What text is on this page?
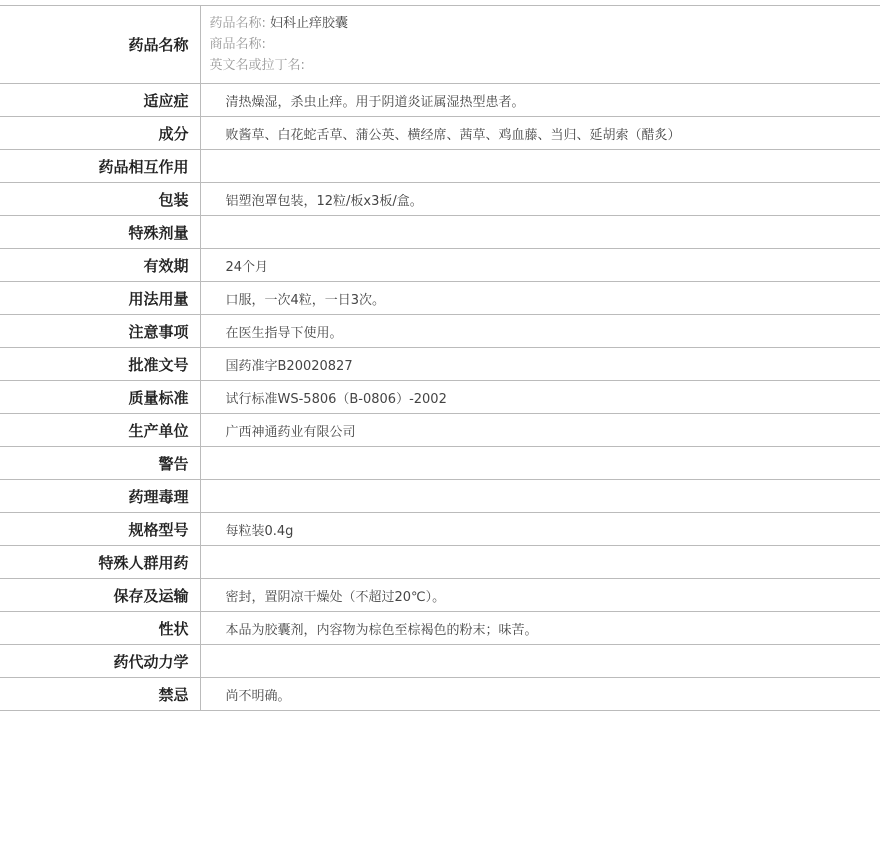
药品名称	药品名称: 妇科止痒胶囊
商品名称:
英文名或拉丁名:

适应症	清热燥湿，杀虫止痒。用于阴道炎证属湿热型患者。
成分	败酱草、白花蛇舌草、蒲公英、横经席、茜草、鸡血藤、当归、延胡索（醋炙）
药品相互作用	
包装	铝塑泡罩包装，12粒/板x3板/盒。
特殊剂量	
有效期	24个月
用法用量	口服，一次4粒，一日3次。
注意事项	在医生指导下使用。
批准文号	国药准字B20020827
质量标准	试行标准WS-5806（B-0806）-2002
生产单位	广西神通药业有限公司
警告	
药理毒理	
规格型号	每粒装0.4g
特殊人群用药	
保存及运输	密封，置阴凉干燥处（不超过20℃）。
性状	本品为胶囊剂，内容物为棕色至棕褐色的粉末；味苦。
药代动力学	
禁忌	尚不明确。
